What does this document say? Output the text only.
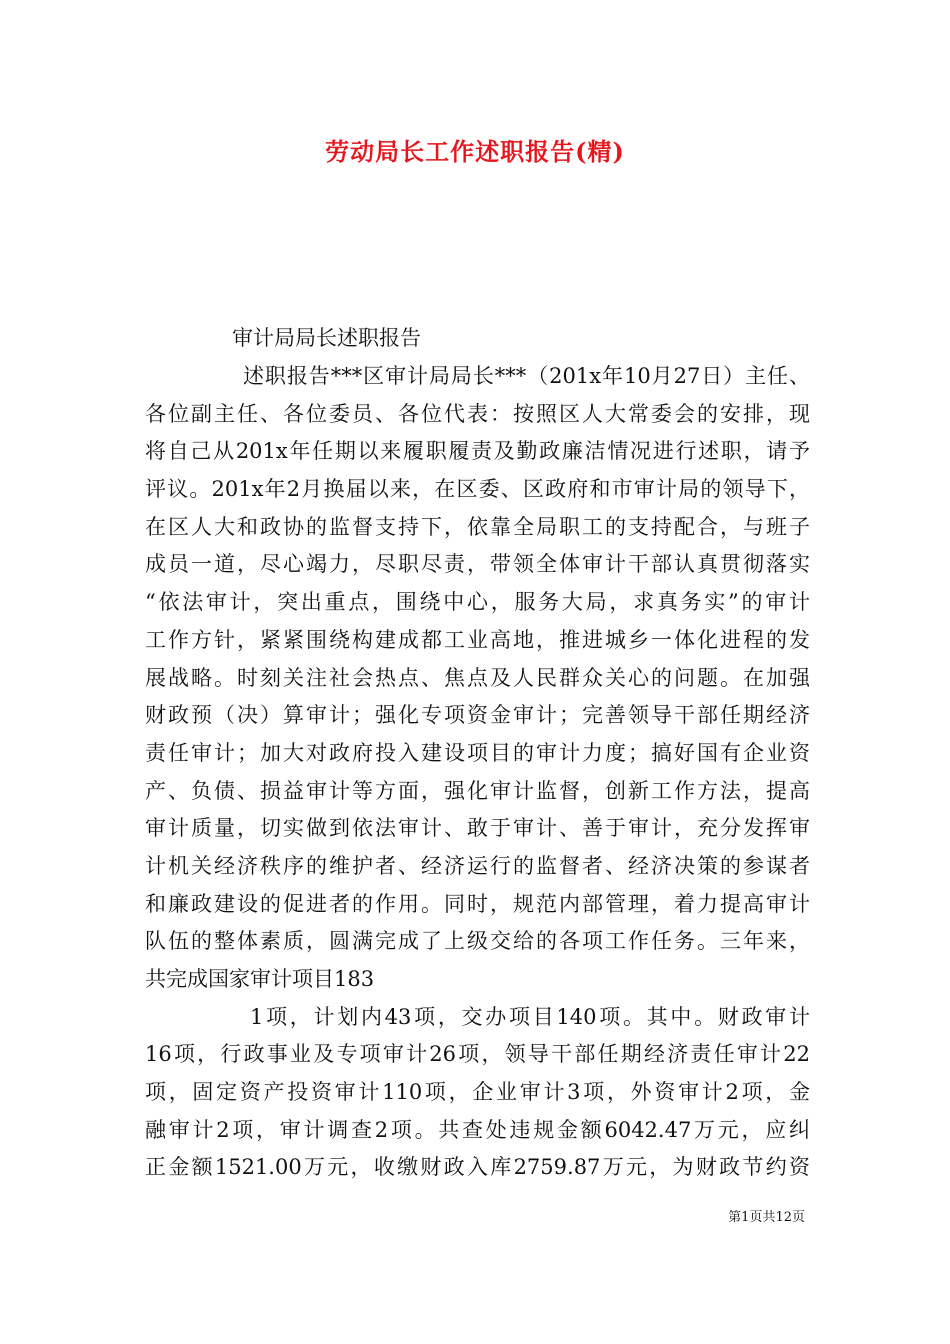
劳动局长工作述职报告(精)

审计局局长述职报告

述职报告***区审计局局长***（201x年10月27日）主任、
各位副主任、各位委员、各位代表：按照区人大常委会的安排，现
将自己从201x年任期以来履职履责及勤政廉洁情况进行述职，请予
评议。201x年2月换届以来，在区委、区政府和市审计局的领导下，
在区人大和政协的监督支持下，依靠全局职工的支持配合，与班子
成员一道，尽心竭力，尽职尽责，带领全体审计干部认真贯彻落实
“依法审计，突出重点，围绕中心，服务大局，求真务实”的审计
工作方针，紧紧围绕构建成都工业高地，推进城乡一体化进程的发
展战略。时刻关注社会热点、焦点及人民群众关心的问题。在加强
财政预（决）算审计；强化专项资金审计；完善领导干部任期经济
责任审计；加大对政府投入建设项目的审计力度；搞好国有企业资
产、负债、损益审计等方面，强化审计监督，创新工作方法，提高
审计质量，切实做到依法审计、敢于审计、善于审计，充分发挥审
计机关经济秩序的维护者、经济运行的监督者、经济决策的参谋者
和廉政建设的促进者的作用。同时，规范内部管理，着力提高审计
队伍的整体素质，圆满完成了上级交给的各项工作任务。三年来，
共完成国家审计项目183
1项，计划内43项，交办项目140项。其中。财政审计
16项，行政事业及专项审计26项，领导干部任期经济责任审计22
项，固定资产投资审计110项，企业审计3项，外资审计2项，金
融审计2项，审计调查2项。共查处违规金额6042.47万元，应纠
正金额1521.00万元，收缴财政入库2759.87万元，为财政节约资
第1页共12页
